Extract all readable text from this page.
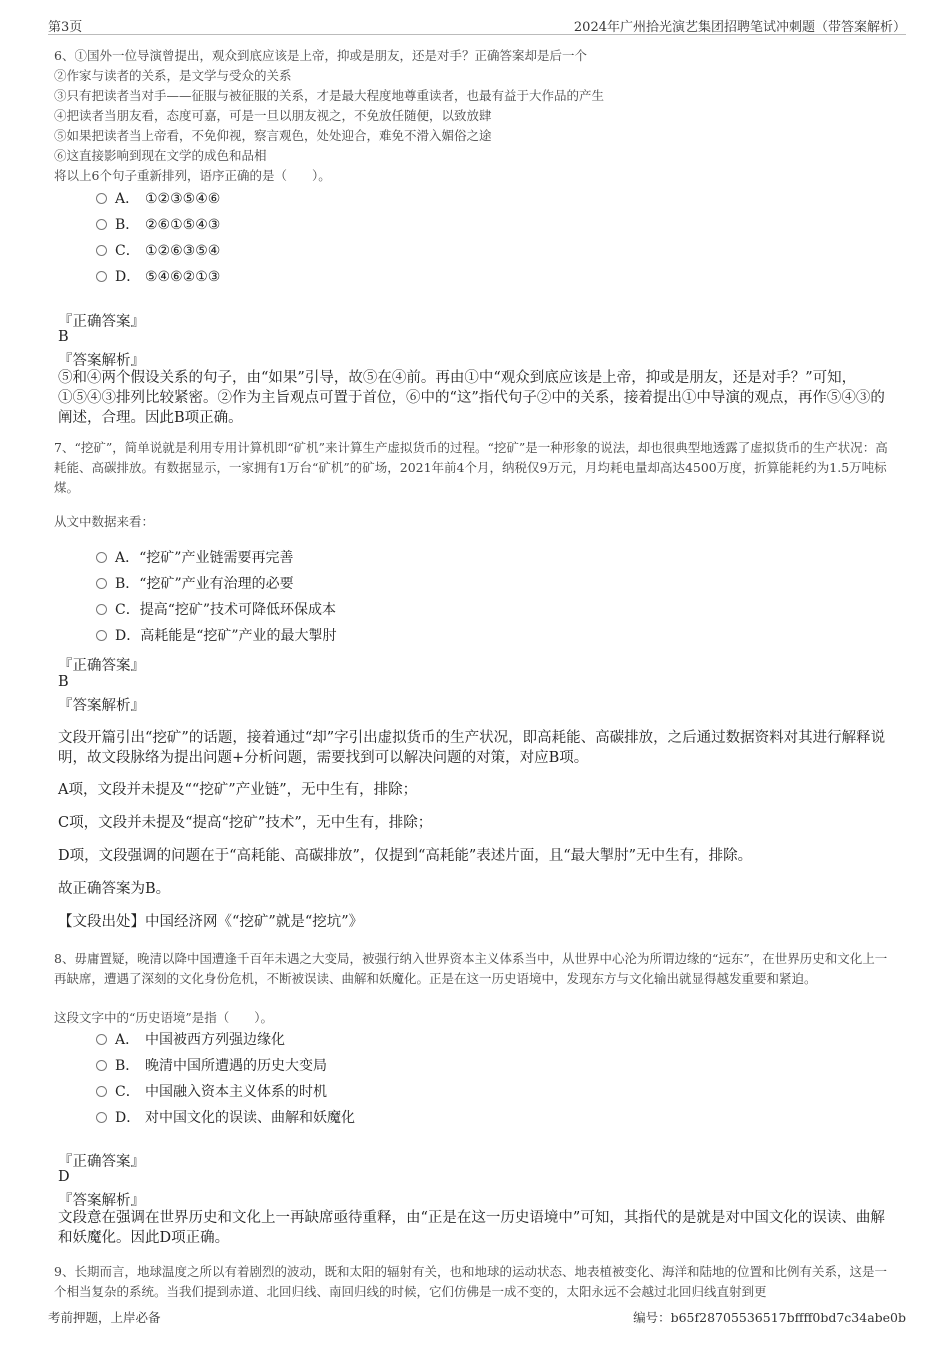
第3页	2024年广州拾光演艺集团招聘笔试冲刺题（带答案解析）

6、①国外一位导演曾提出，观众到底应该是上帝，抑或是朋友，还是对手？正确答案却是后一个

②作家与读者的关系，是文学与受众的关系

③只有把读者当对手——征服与被征服的关系，才是最大程度地尊重读者，也最有益于大作品的产生

④把读者当朋友看，态度可嘉，可是一旦以朋友视之，不免放任随便，以致放肆

⑤如果把读者当上帝看，不免仰视，察言观色，处处迎合，难免不滑入媚俗之途

⑥这直接影响到现在文学的成色和品相

将以上6个句子重新排列，语序正确的是（　　）。

A． ①②③⑤④⑥
B． ②⑥①⑤④③
C． ①②⑥③⑤④
D． ⑤④⑥②①③
『正确答案』
B
『答案解析』
⑤和④两个假设关系的句子，由“如果”引导，故⑤在④前。再由①中“观众到底应该是上帝，抑或是朋友，还是对手？”可知，①⑤④③排列比较紧密。②作为主旨观点可置于首位，⑥中的“这”指代句子②中的关系，接着提出①中导演的观点，再作⑤④③的阐述，合理。因此B项正确。

7、“挖矿”，简单说就是利用专用计算机即“矿机”来计算生产虚拟货币的过程。“挖矿”是一种形象的说法，却也很典型地透露了虚拟货币的生产状况：高耗能、高碳排放。有数据显示，一家拥有1万台“矿机”的矿场，2021年前4个月，纳税仅9万元，月均耗电量却高达4500万度，折算能耗约为1.5万吨标煤。

从文中数据来看：
A．“挖矿”产业链需要再完善
B．“挖矿”产业有治理的必要
C．提高“挖矿”技术可降低环保成本
D．高耗能是“挖矿”产业的最大掣肘
『正确答案』
B
『答案解析』
文段开篇引出“挖矿”的话题，接着通过“却”字引出虚拟货币的生产状况，即高耗能、高碳排放，之后通过数据资料对其进行解释说明，故文段脉络为提出问题+分析问题，需要找到可以解决问题的对策，对应B项。
A项，文段并未提及““挖矿”产业链”，无中生有，排除；
C项，文段并未提及“提高“挖矿”技术”，无中生有，排除；
D项，文段强调的问题在于“高耗能、高碳排放”，仅提到“高耗能”表述片面，且“最大掣肘”无中生有，排除。
故正确答案为B。
【文段出处】中国经济网《“挖矿”就是“挖坑”》

8、毋庸置疑，晚清以降中国遭逢千百年未遇之大变局，被强行纳入世界资本主义体系当中，从世界中心沦为所谓边缘的“远东”，在世界历史和文化上一再缺席，遭遇了深刻的文化身份危机，不断被误读、曲解和妖魔化。正是在这一历史语境中，发现东方与文化输出就显得越发重要和紧迫。

这段文字中的“历史语境”是指（　　）。
A． 中国被西方列强边缘化
B． 晚清中国所遭遇的历史大变局
C． 中国融入资本主义体系的时机
D． 对中国文化的误读、曲解和妖魔化
『正确答案』
D
『答案解析』
文段意在强调在世界历史和文化上一再缺席亟待重释，由“正是在这一历史语境中”可知，其指代的是就是对中国文化的误读、曲解和妖魔化。因此D项正确。

9、长期而言，地球温度之所以有着剧烈的波动，既和太阳的辐射有关，也和地球的运动状态、地表植被变化、海洋和陆地的位置和比例有关系，这是一个相当复杂的系统。当我们提到赤道、北回归线、南回归线的时候，它们仿佛是一成不变的，太阳永远不会越过北回归线直射到更

考前押题，上岸必备	编号：b65f28705536517bffff0bd7c34abe0b
